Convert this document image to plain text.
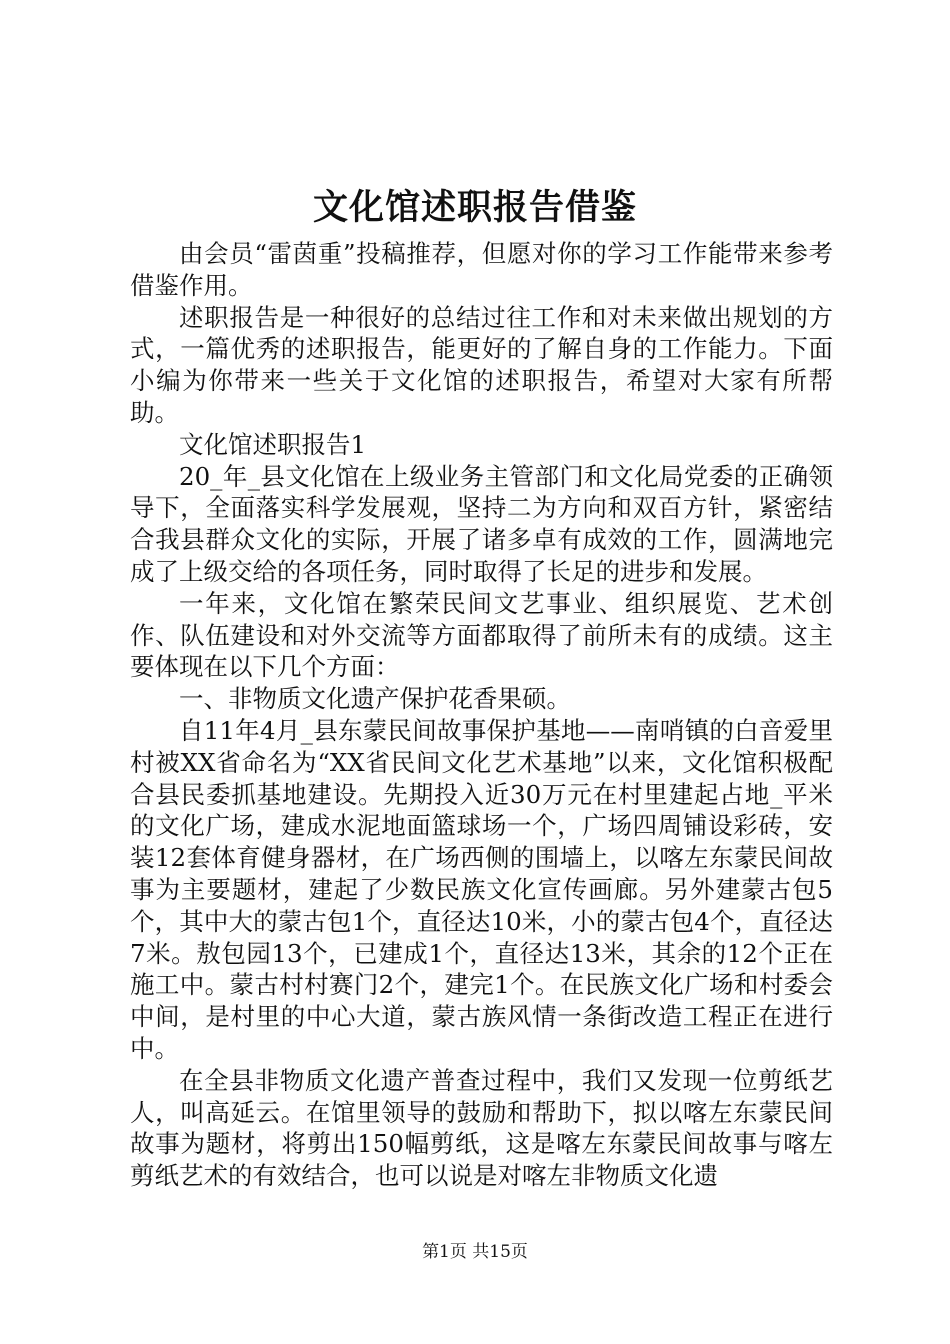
文化馆述职报告借鉴

由会员“雷茵重”投稿推荐，但愿对你的学习工作能带来参考借鉴作用。

述职报告是一种很好的总结过往工作和对未来做出规划的方式，一篇优秀的述职报告，能更好的了解自身的工作能力。下面小编为你带来一些关于文化馆的述职报告，希望对大家有所帮助。

文化馆述职报告1

20_年_县文化馆在上级业务主管部门和文化局党委的正确领导下，全面落实科学发展观，坚持二为方向和双百方针，紧密结合我县群众文化的实际，开展了诸多卓有成效的工作，圆满地完成了上级交给的各项任务，同时取得了长足的进步和发展。

一年来，文化馆在繁荣民间文艺事业、组织展览、艺术创作、队伍建设和对外交流等方面都取得了前所未有的成绩。这主要体现在以下几个方面：

一、非物质文化遗产保护花香果硕。

自11年4月_县东蒙民间故事保护基地——南哨镇的白音爱里村被XX省命名为“XX省民间文化艺术基地”以来，文化馆积极配合县民委抓基地建设。先期投入近30万元在村里建起占地_平米的文化广场，建成水泥地面篮球场一个，广场四周铺设彩砖，安装12套体育健身器材，在广场西侧的围墙上，以喀左东蒙民间故事为主要题材，建起了少数民族文化宣传画廊。另外建蒙古包5个，其中大的蒙古包1个，直径达10米，小的蒙古包4个，直径达7米。敖包园13个，已建成1个，直径达13米，其余的12个正在施工中。蒙古村村赛门2个，建完1个。在民族文化广场和村委会中间，是村里的中心大道，蒙古族风情一条街改造工程正在进行中。

在全县非物质文化遗产普查过程中，我们又发现一位剪纸艺人，叫高延云。在馆里领导的鼓励和帮助下，拟以喀左东蒙民间故事为题材，将剪出150幅剪纸，这是喀左东蒙民间故事与喀左剪纸艺术的有效结合，也可以说是对喀左非物质文化遗

第1页 共15页
